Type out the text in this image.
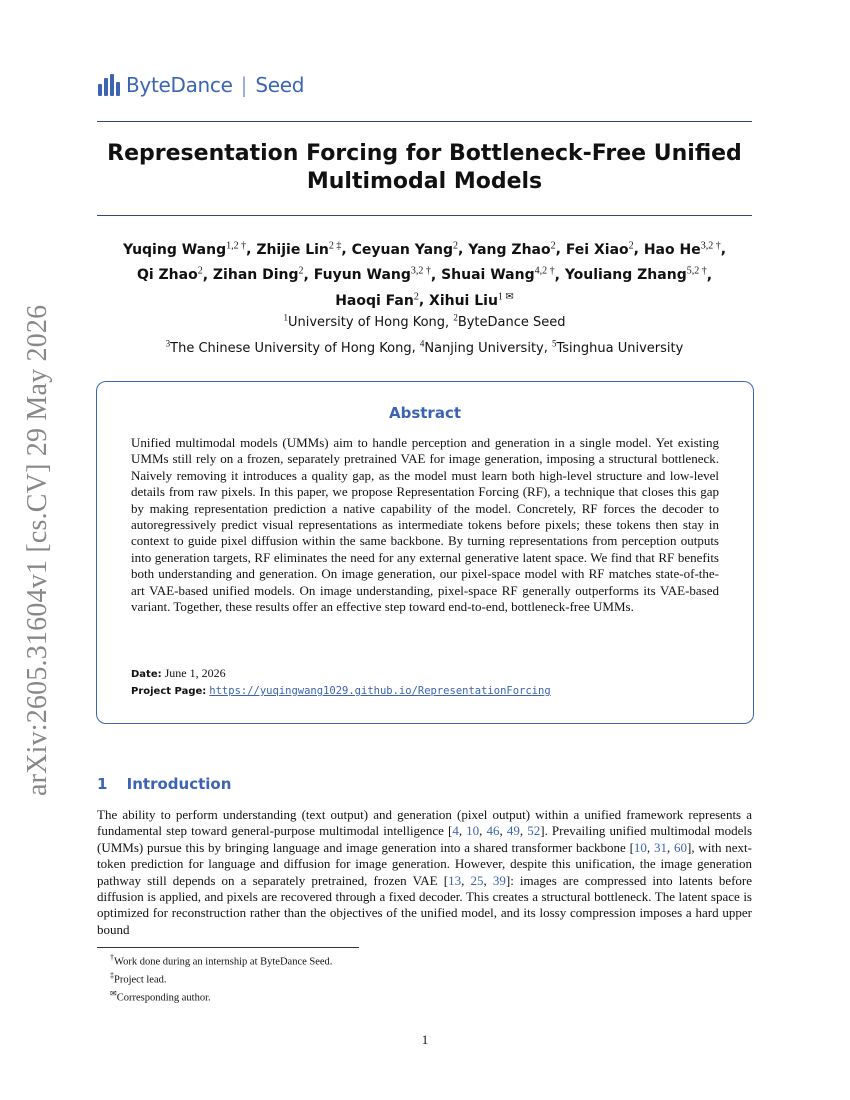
ByteDance | Seed
Representation Forcing for Bottleneck-Free Unified
Multimodal Models
Yuqing Wang$^{1,2 \dagger}$, Zhijie Lin$^{2 \ddagger}$, Ceyuan Yang$^2$, Yang Zhao$^2$, Fei Xiao$^2$, Hao $He^{3,2 \dagger}$,
Qi Zhao$^2$, Zihan Ding$^2$, Fuyun Wang$^{3,2 \dagger}$, Shuai Wang$^{4,2 \dagger}$, Youliang Zhang$^{5,2 \dagger}$,
Haoqi Fan$^2$, Xihui Liu$^{1 ✉}$
$^1$University of Hong Kong, $^2$ByteDance Seed
$^3$The Chinese University of Hong Kong, $^4$Nanjing University, $^5$Tsinghua University
Abstract
Unified multimodal models (UMMs) aim to handle perception and generation in a single model. Yet existing UMMs still rely on a frozen, separately pretrained VAE for image generation, imposing a structural bottleneck. Naively removing it introduces a quality gap, as the model must learn both high-level structure and low-level details from raw pixels. In this paper, we propose Representation Forcing (RF), a technique that closes this gap by making representation prediction a native capability of the model. Concretely, RF forces the decoder to autoregressively predict visual representations as intermediate tokens before pixels; these tokens then stay in context to guide pixel diffusion within the same backbone. By turning representations from perception outputs into generation targets, RF eliminates the need for any external generative latent space. We find that RF benefits both understanding and generation. On image generation, our pixel-space model with RF matches state-of-the-art VAE-based unified models. On image understanding, pixel-space RF generally outperforms its VAE-based variant. Together, these results offer an effective step toward end-to-end, bottleneck-free UMMs.
Date: June 1, 2026
Project Page: https://yuqingwang1029.github.io/RepresentationForcing
arXiv:2605.31604v1 [cs.CV] 29 May 2026	1 Introduction
The ability to perform understanding (text output) and generation (pixel output) within a unified framework represents a fundamental step toward general-purpose multimodal intelligence [4, 10, 46, 49, 52]. Prevailing unified multimodal models (UMMs) pursue this by bringing language and image generation into a shared transformer backbone [10, 31, 60], with next-token prediction for language and diffusion for image generation. However, despite this unification, the image generation pathway still depends on a separately pretrained, frozen VAE [13, 25, 39]: images are compressed into latents before diffusion is applied, and pixels are recovered through a fixed decoder. This creates a structural bottleneck. The latent space is optimized for reconstruction rather than the objectives of the unified model, and its lossy compression imposes a hard upper bound
†Work done during an internship at ByteDance Seed.
‡Project lead.
✉Corresponding author.
1
